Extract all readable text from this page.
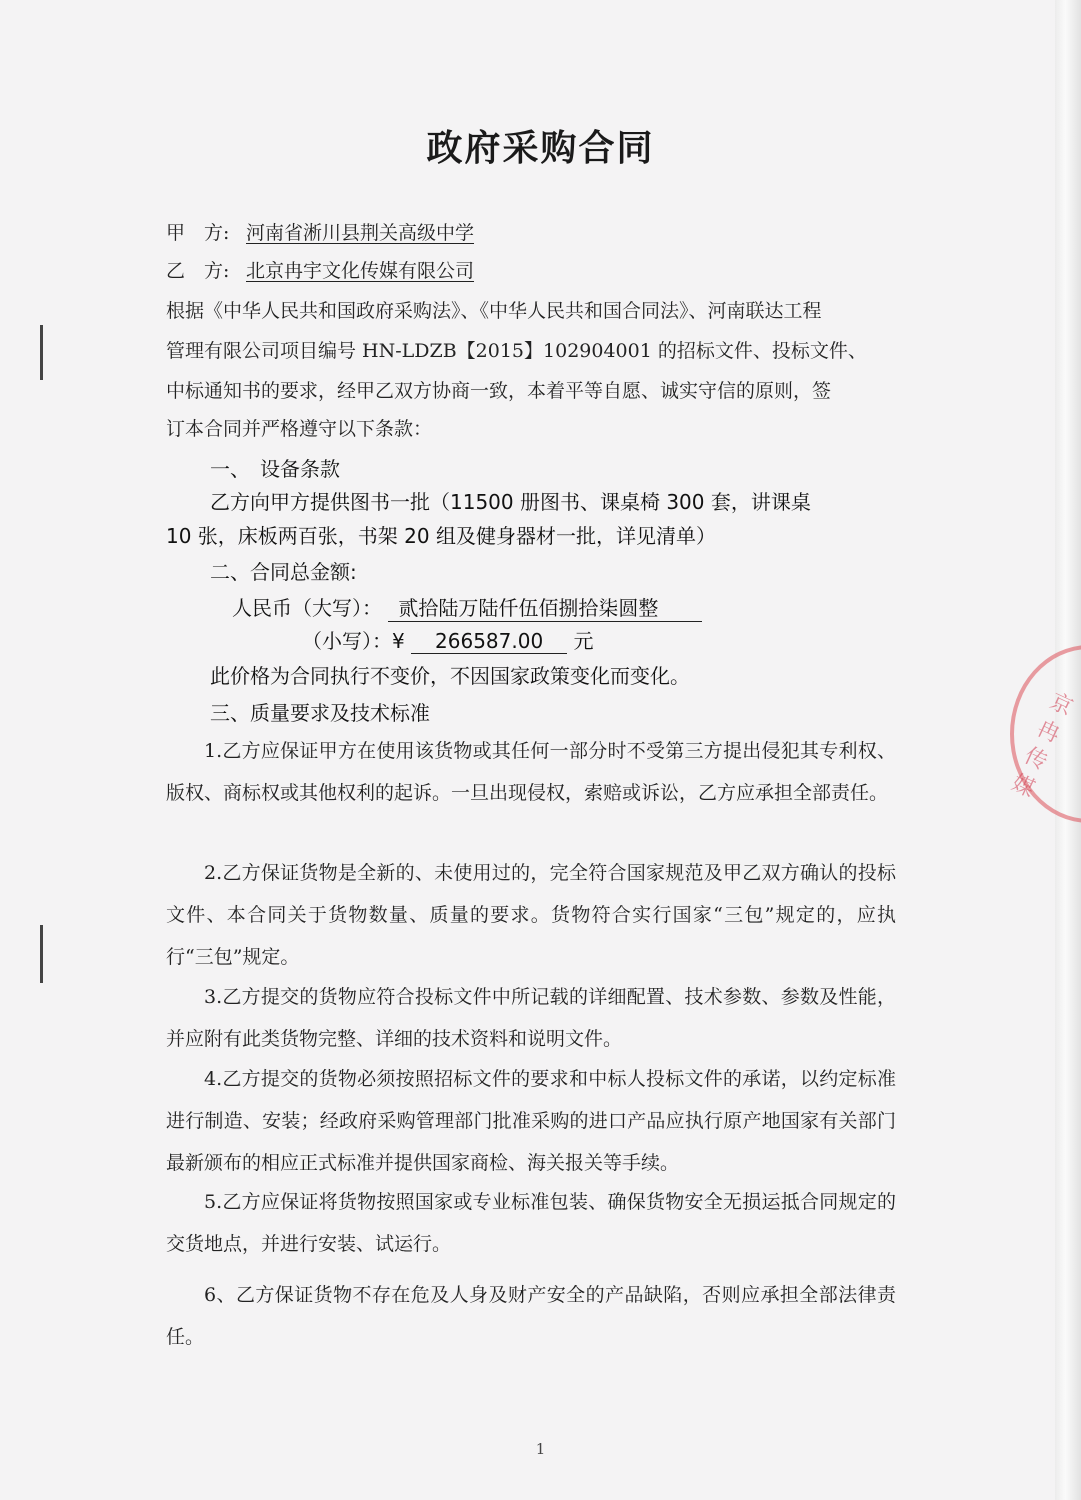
京冉传媒
政府采购合同
甲　方: 河南省淅川县荆关高级中学
乙　方: 北京冉宇文化传媒有限公司
根据《中华人民共和国政府采购法》、《中华人民共和国合同法》、河南联达工程
管理有限公司项目编号 HN-LDZB【2015】102904001 的招标文件、投标文件、
中标通知书的要求，经甲乙双方协商一致，本着平等自愿、诚实守信的原则，签
订本合同并严格遵守以下条款：
一、　设备条款
乙方向甲方提供图书一批（11500 册图书、课桌椅 300 套，讲课桌
10 张，床板两百张，书架 20 组及健身器材一批，详见清单）
二、合同总金额:
人民币（大写）： 贰拾陆万陆仟伍佰捌拾柒圆整
（小写）：¥ 266587.00 元
此价格为合同执行不变价，不因国家政策变化而变化。
三、质量要求及技术标准
1.乙方应保证甲方在使用该货物或其任何一部分时不受第三方提出侵犯其专利权、版权、商标权或其他权利的起诉。一旦出现侵权，索赔或诉讼，乙方应承担全部责任。
2.乙方保证货物是全新的、未使用过的，完全符合国家规范及甲乙双方确认的投标文件、本合同关于货物数量、质量的要求。货物符合实行国家“三包”规定的，应执行“三包”规定。
3.乙方提交的货物应符合投标文件中所记载的详细配置、技术参数、参数及性能，并应附有此类货物完整、详细的技术资料和说明文件。
4.乙方提交的货物必须按照招标文件的要求和中标人投标文件的承诺，以约定标准进行制造、安装；经政府采购管理部门批准采购的进口产品应执行原产地国家有关部门最新颁布的相应正式标准并提供国家商检、海关报关等手续。
5.乙方应保证将货物按照国家或专业标准包装、确保货物安全无损运抵合同规定的交货地点，并进行安装、试运行。
6、乙方保证货物不存在危及人身及财产安全的产品缺陷，否则应承担全部法律责任。
1
